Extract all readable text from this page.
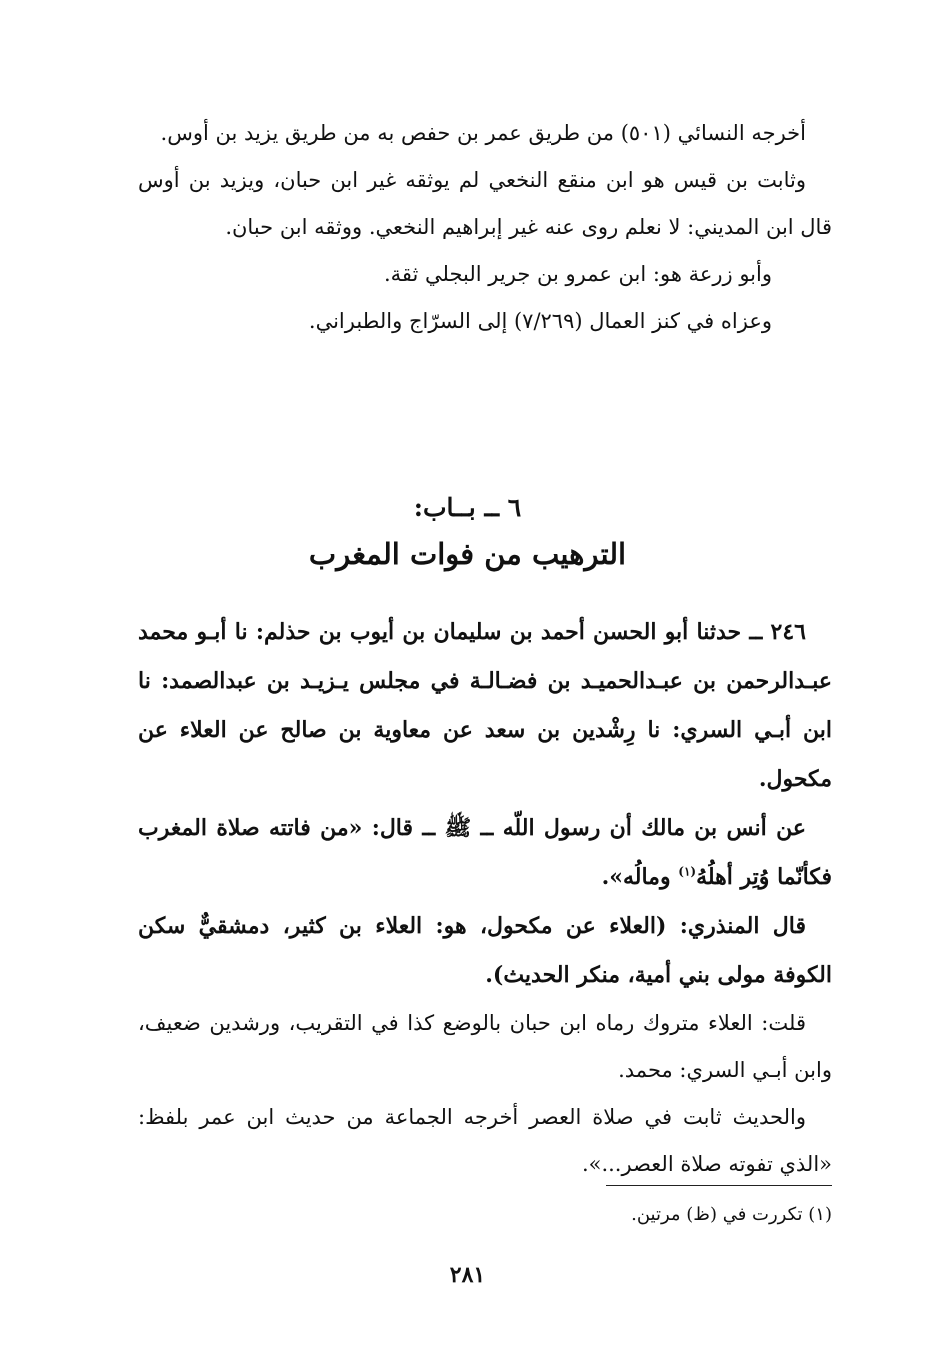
أخرجه النسائي (٥٠١) من طريق عمر بن حفص به من طريق يزيد بن أوس.

وثابت بن قيس هو ابن منقع النخعي لم يوثقه غير ابن حبان، ويزيد بن أوس قال ابن المديني: لا نعلم روى عنه غير إبراهيم النخعي. ووثقه ابن حبان.

وأبو زرعة هو: ابن عمرو بن جرير البجلي ثقة.

وعزاه في كنز العمال (٧/٢٦٩) إلى السرّاج والطبراني.

٦ ــ بــاب:
الترهيب من فوات المغرب

٢٤٦ ــ حدثنا أبو الحسن أحمد بن سليمان بن أيوب بن حذلم: نا أبـو محمد عبـدالرحمن بن عبـدالحميـد بن فضـالـة في مجلس يـزيـد بن عبدالصمد: نا ابن أبـي السري: نا رِشْدين بن سعد عن معاوية بن صالح عن العلاء عن مكحول.

عن أنس بن مالك أن رسول اللّه ــ ﷺ ــ قال: «من فاتته صلاة المغرب فكأنّما وُتِر أهلُهُ$^{(١)}$ ومالُه».

قال المنذري: (العلاء عن مكحول، هو: العلاء بن كثير، دمشقيٌّ سكن الكوفة مولى بني أمية، منكر الحديث).

قلت: العلاء متروك رماه ابن حبان بالوضع كذا في التقريب، ورشدين ضعيف، وابن أبـي السري: محمد.

والحديث ثابت في صلاة العصر أخرجه الجماعة من حديث ابن عمر بلفظ: «الذي تفوته صلاة العصر...».

(١) تكررت في (ظ) مرتين.
٢٨١
